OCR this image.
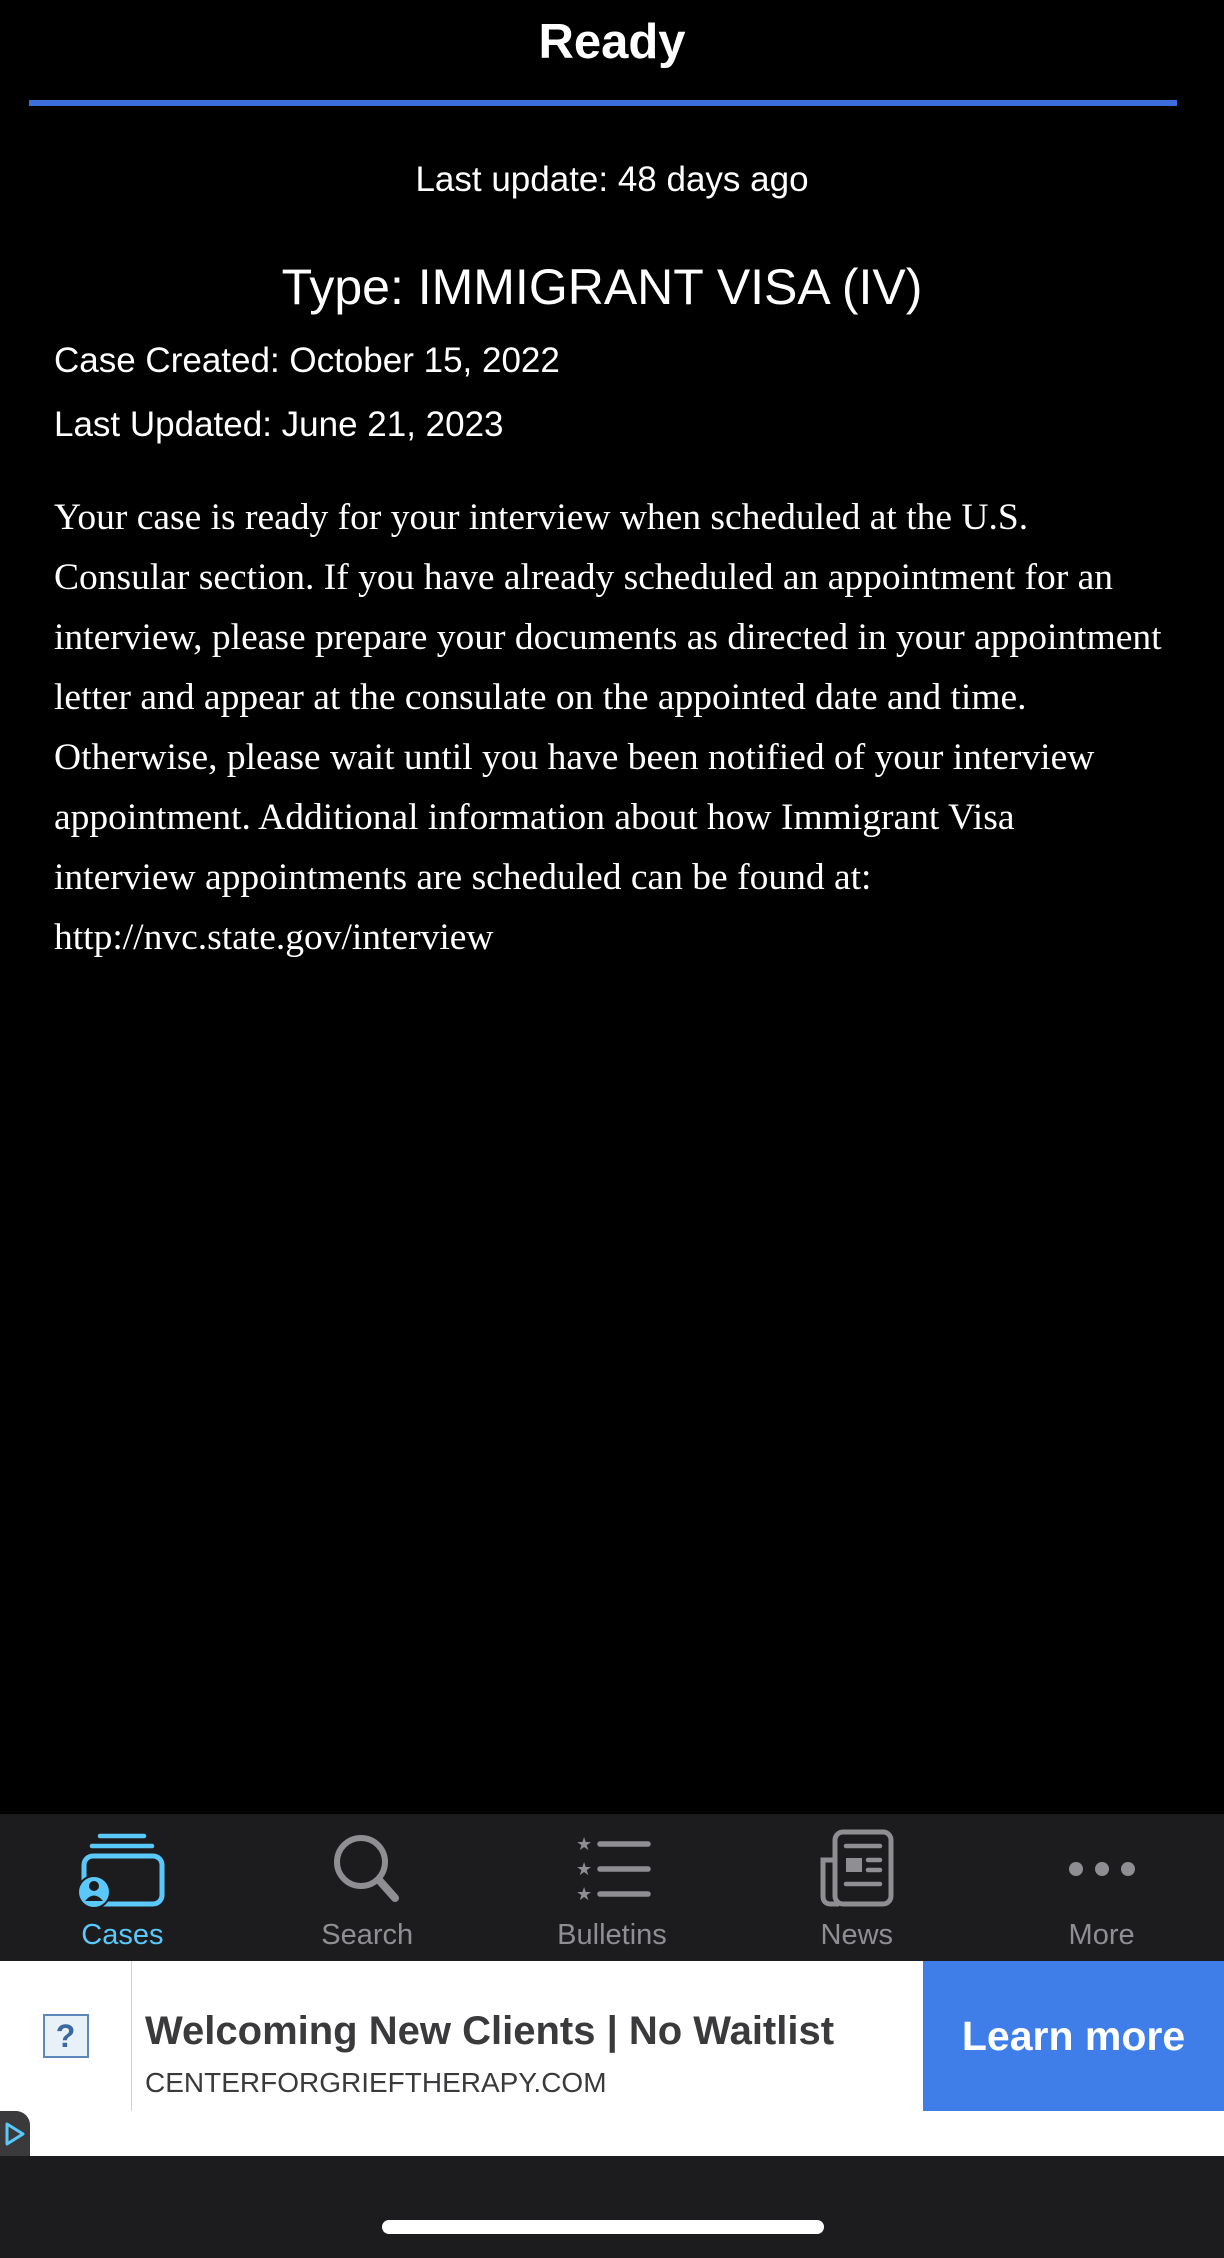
Ready
Last update: 48 days ago
Type: IMMIGRANT VISA (IV)
Case Created: October 15, 2022
Last Updated: June 21, 2023

Your case is ready for your interview when scheduled at the U.S. Consular section. If you have already scheduled an appointment for an interview, please prepare your documents as directed in your appointment letter and appear at the consulate on the appointed date and time. Otherwise, please wait until you have been notified of your interview appointment. Additional information about how Immigrant Visa interview appointments are scheduled can be found at: http://nvc.state.gov/interview

Cases	Search
★
★
★
Bulletins	News	More
?	Welcoming New Clients | No Waitlist
CENTERFORGRIEFTHERAPY.COM
Learn more
